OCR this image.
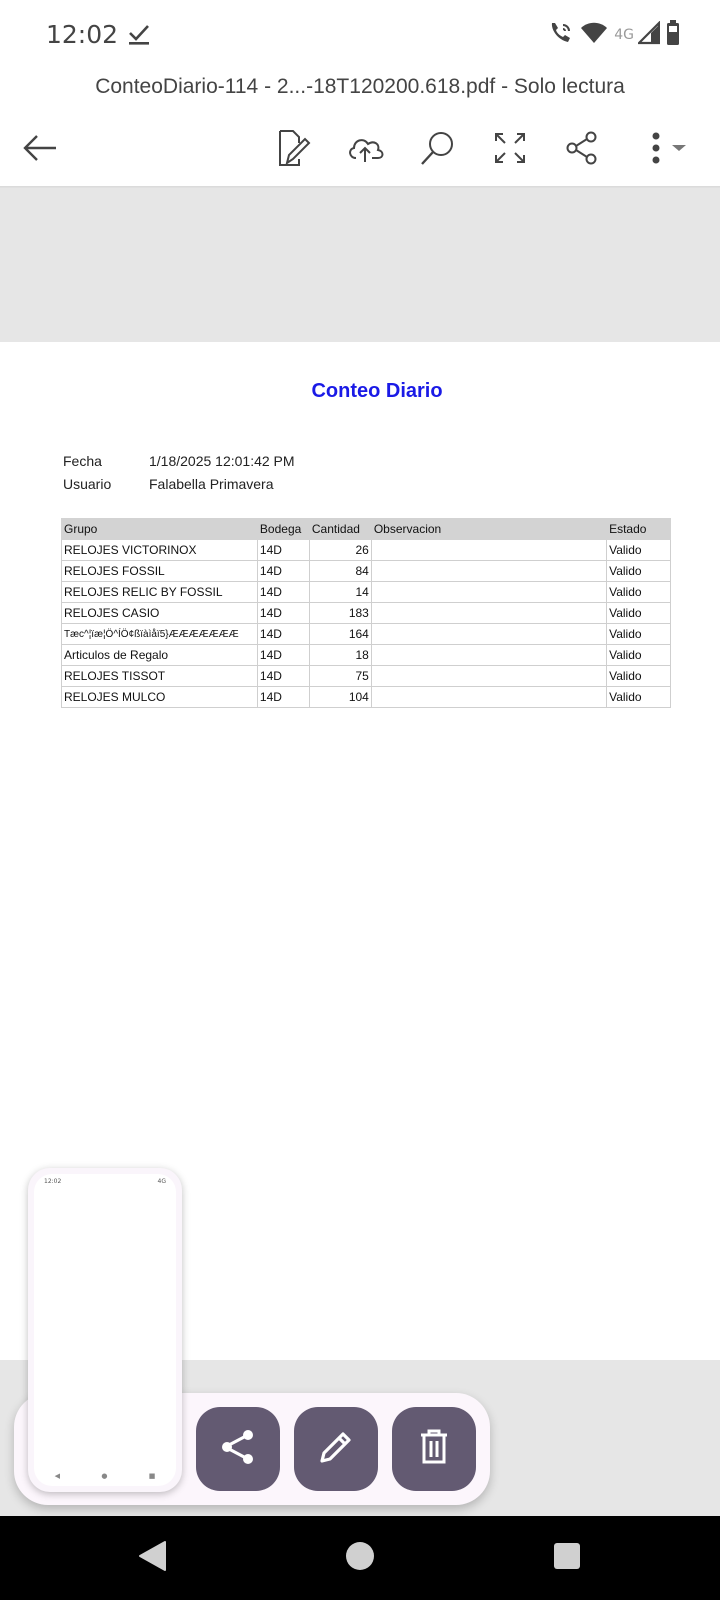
12:02	4G
ConteoDiario-114 - 2...-18T120200.618.pdf - Solo lectura
Conteo Diario
Fecha	1/18/2025 12:01:42 PM
Usuario	Falabella Primavera
Grupo	Bodega	Cantidad	Observacion	Estado
RELOJES VICTORINOX	14D	26		Valido
RELOJES FOSSIL	14D	84		Valido
RELOJES RELIC BY FOSSIL	14D	14		Valido
RELOJES CASIO	14D	183		Valido
Tæc^¦ïæ¦Ö^ÍÖ¢ßïàìåï5}ÆÆÆÆÆÆÆ	14D	164		Valido
Articulos de Regalo	14D	18		Valido
RELOJES TISSOT	14D	75		Valido
RELOJES MULCO	14D	104		Valido
12:02	4G
◀	●	■
